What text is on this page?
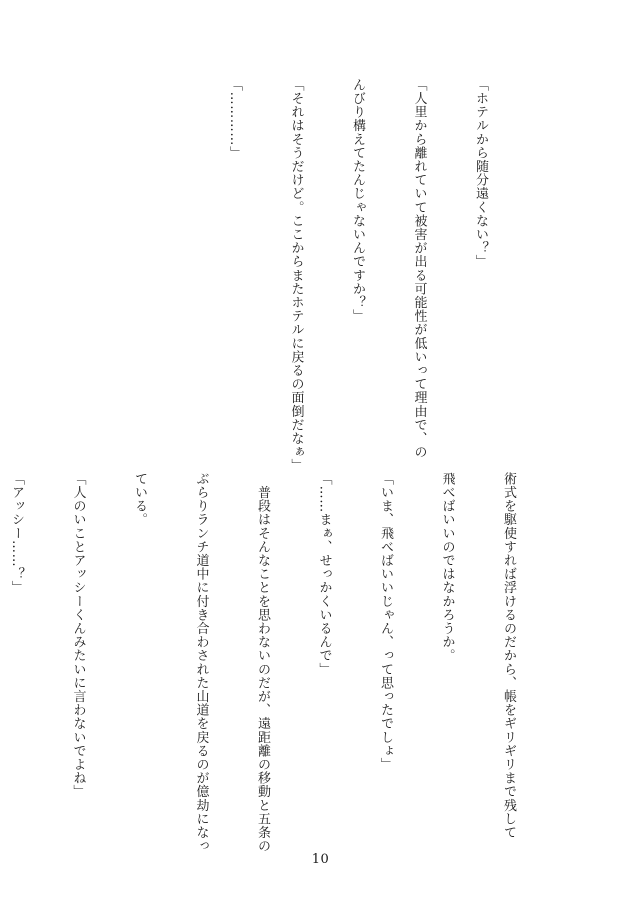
「ホテルから随分遠くない？」

「人里から離れていて被害が出る可能性が低いって理由で、の

んびり構えてたんじゃないんですか？」

「それはそうだけど。ここからまたホテルに戻るの面倒だなぁ」

「…………」

術式を駆使すれば浮けるのだから、帳をギリギリまで残して

飛べばいいのではなかろうか。

「いま、飛べばいいじゃん、って思ったでしょ」

「……まぁ、せっかくいるんで」

　普段はそんなことを思わないのだが、遠距離の移動と五条の

ぶらりランチ道中に付き合わされた山道を戻るのが億劫になっ

ている。

「人のいことアッシーくんみたいに言わないでよね」

「アッシー……？」

10
